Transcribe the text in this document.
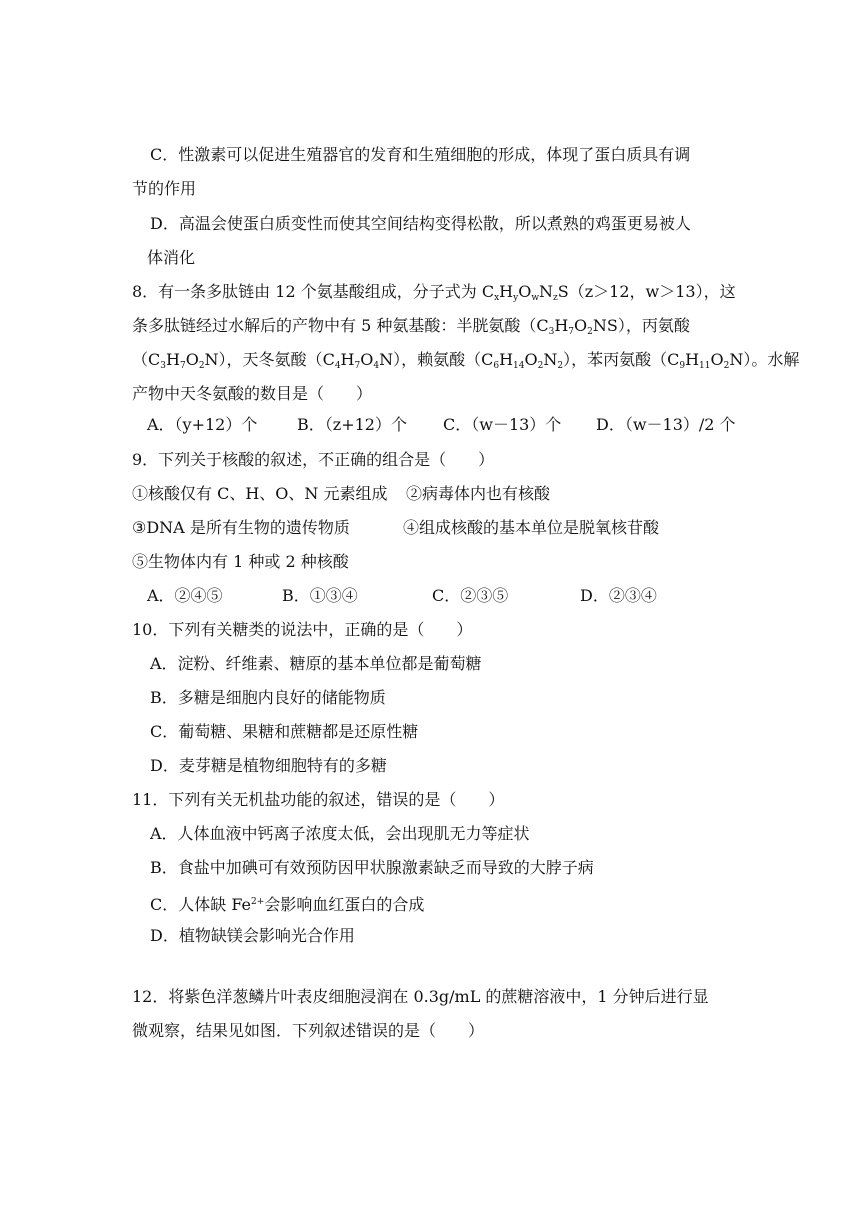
C．性激素可以促进生殖器官的发育和生殖细胞的形成，体现了蛋白质具有调
节的作用
D．高温会使蛋白质变性而使其空间结构变得松散，所以煮熟的鸡蛋更易被人
体消化
8．有一条多肽链由 12 个氨基酸组成，分子式为 $C_xH_yO_wN_zS(z>12$，w＞13），这
条多肽链经过水解后的产物中有 5 种氨基酸：半胱氨酸$(C_3H_7O_2NS)$，丙氨酸
$(C_3H_7O_2N)$，天冬氨酸$(C_4H_7O_4N)$，赖氨酸$(C_6H_{14}O_2N_2)$，苯丙氨酸$(C_9H_{11}O_2N)$。水解
产物中天冬氨酸的数目是（　　）
A．（y+12）个 B．（z+12）个 C．（w－13）个 D．（w－13）/2 个
9．下列关于核酸的叙述，不正确的组合是（　　）
①核酸仅有 C、H、O、N 元素组成 ②病毒体内也有核酸
③DNA 是所有生物的遗传物质	④组成核酸的基本单位是脱氧核苷酸
⑤生物体内有 1 种或 2 种核酸
A．②④⑤	B．①③④	C．②③⑤	D．②③④
10．下列有关糖类的说法中，正确的是（　　）
A．淀粉、纤维素、糖原的基本单位都是葡萄糖
B．多糖是细胞内良好的储能物质
C．葡萄糖、果糖和蔗糖都是还原性糖
D．麦芽糖是植物细胞特有的多糖
11．下列有关无机盐功能的叙述，错误的是（　　）
A．人体血液中钙离子浓度太低，会出现肌无力等症状
B．食盐中加碘可有效预防因甲状腺激素缺乏而导致的大脖子病
C．人体缺 $Fe^{2+}$会影响血红蛋白的合成
D．植物缺镁会影响光合作用
12．将紫色洋葱鳞片叶表皮细胞浸润在 0.3g/mL 的蔗糖溶液中，1 分钟后进行显
微观察，结果见如图．下列叙述错误的是（　　）
